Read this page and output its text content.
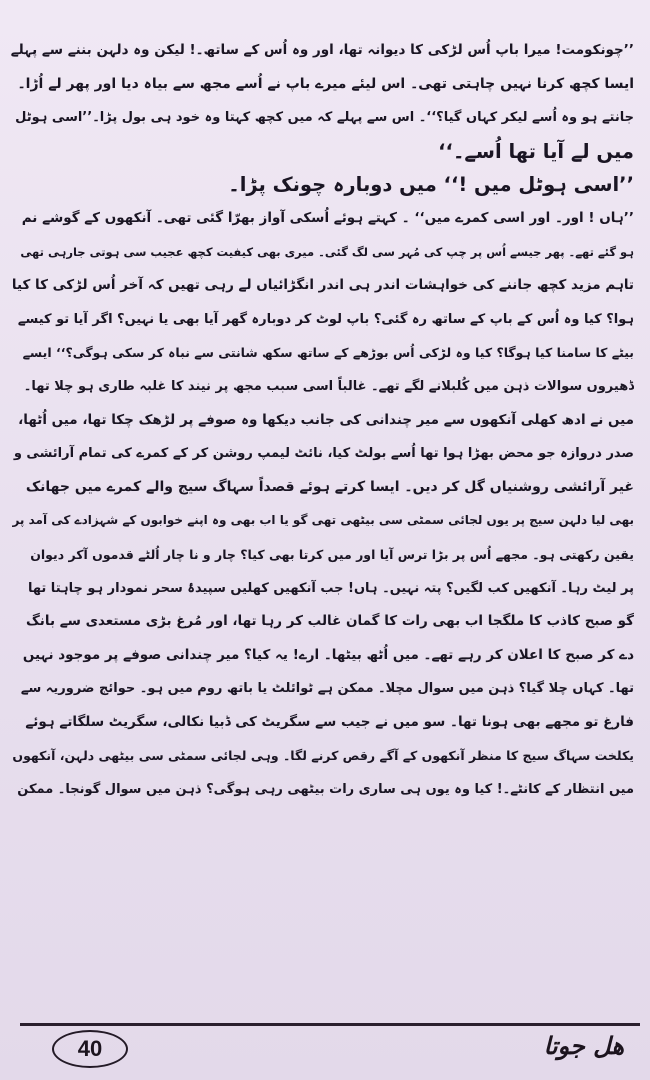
’’چونکومت! میرا باپ اُس لڑکی کا دیوانہ تھا، اور وہ اُس کے ساتھ۔! لیکن وہ دلہن بننے سے پہلے
ایسا کچھ کرنا نہیں چاہتی تھی۔ اس لیئے میرے باپ نے اُسے مجھ سے بیاہ دیا اور پھر لے اُڑا۔
جانتے ہو وہ اُسے لیکر کہاں گیا؟‘‘۔ اس سے پہلے کہ میں کچھ کہتا وہ خود ہی بول پڑا۔’’اسی ہوٹل
میں لے آیا تھا اُسے۔‘‘
’’اسی ہوٹل میں !‘‘ میں دوبارہ چونک پڑا۔
’’ہاں ! اور۔ اور اسی کمرے میں‘‘ ۔ کہتے ہوئے اُسکی آواز بھرّا گئی تھی۔ آنکھوں کے گوشے نم
ہو گئے تھے۔ پھر جیسے اُس پر چپ کی مُہر سی لگ گئی۔ میری بھی کیفیت کچھ عجیب سی ہوتی جارہی تھی
تاہم مزید کچھ جاننے کی خواہشات اندر ہی اندر انگڑائیاں لے رہی تھیں کہ آخر اُس لڑکی کا کیا
ہوا؟ کیا وہ اُس کے باپ کے ساتھ رہ گئی؟ باپ لوٹ کر دوبارہ گھر آیا بھی یا نہیں؟ اگر آیا تو کیسے
بیٹے کا سامنا کیا ہوگا؟ کیا وہ لڑکی اُس بوڑھے کے ساتھ سکھ شانتی سے نباہ کر سکی ہوگی؟‘‘ ایسے
ڈھیروں سوالات ذہن میں کُلبلانے لگے تھے۔ غالباً اسی سبب مجھ پر نیند کا غلبہ طاری ہو چلا تھا۔
میں نے ادھ کھلی آنکھوں سے میر چندانی کی جانب دیکھا وہ صوفے پر لڑھک چکا تھا، میں اُٹھا،
صدر دروازہ جو محض بھڑا ہوا تھا اُسے بولٹ کیا، نائٹ لیمپ روشن کر کے کمرے کی تمام آرائشی و
غیر آرائشی روشنیاں گل کر دیں۔ ایسا کرتے ہوئے قصداً سہاگ سیج والے کمرے میں جھانک
بھی لیا دلہن سیج پر یوں لجائی سمٹی سی بیٹھی تھی گو یا اب بھی وہ اپنے خوابوں کے شہزادے کی آمد پر
یقین رکھتی ہو۔ مجھے اُس پر بڑا ترس آیا اور میں کرتا بھی کیا؟ چار و نا چار اُلٹے قدموں آکر دیوان
پر لیٹ رہا۔ آنکھیں کب لگیں؟ پتہ نہیں۔ ہاں! جب آنکھیں کھلیں سپیدۂ سحر نمودار ہو چاہتا تھا
گو صبح کاذب کا ملگجا اب بھی رات کا گمان غالب کر رہا تھا، اور مُرغ بڑی مستعدی سے بانگ
دے کر صبح کا اعلان کر رہے تھے۔ میں اُٹھ بیٹھا۔ ارے! یہ کیا؟ میر چندانی صوفے پر موجود نہیں
تھا۔ کہاں چلا گیا؟ ذہن میں سوال مچلا۔ ممکن ہے ٹوائلٹ یا باتھ روم میں ہو۔ حوائج ضروریہ سے
فارغ تو مجھے بھی ہونا تھا۔ سو میں نے جیب سے سگریٹ کی ڈبیا نکالی، سگریٹ سلگاتے ہوئے
یکلخت سہاگ سیج کا منظر آنکھوں کے آگے رقص کرنے لگا۔ وہی لجائی سمٹی سی بیٹھی دلہن، آنکھوں
میں انتظار کے کانٹے۔! کیا وہ یوں ہی ساری رات بیٹھی رہی ہوگی؟ ذہن میں سوال گونجا۔ ممکن
40	ھل جوتا
